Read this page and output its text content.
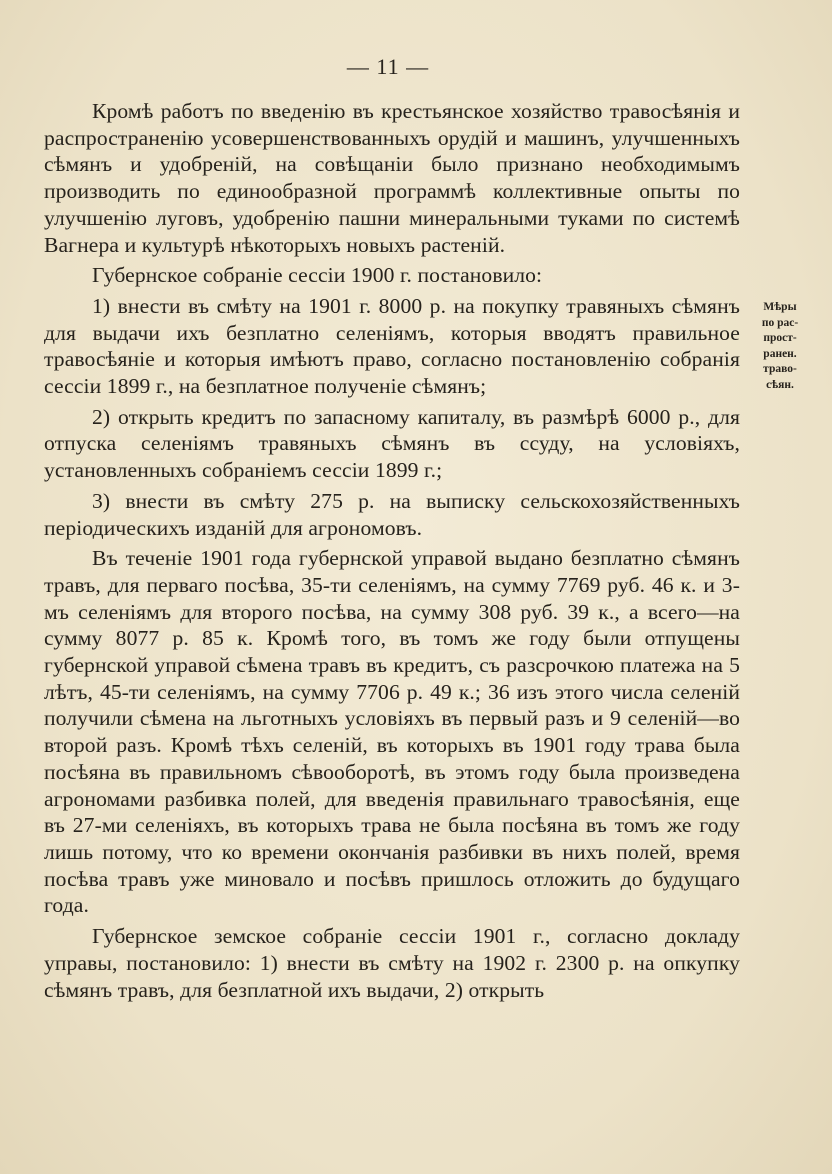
— 11 —
Мѣры
по рас-
прост-
ранен.
траво-
сѣян.

Кромѣ работъ по введенію въ крестьянское хозяйство травосѣянія и распространенію усовершенствованныхъ орудій и машинъ, улучшенныхъ сѣмянъ и удобреній, на совѣщаніи было признано необходимымъ производить по единообразной программѣ коллективные опыты по улучшенію луговъ, удобренію пашни минеральными туками по системѣ Вагнера и культурѣ нѣкоторыхъ новыхъ растеній.

Губернское собраніе сессіи 1900 г. постановило:

1) внести въ смѣту на 1901 г. 8000 р. на покупку травяныхъ сѣмянъ для выдачи ихъ безплатно селеніямъ, которыя вводятъ правильное травосѣяніе и которыя имѣютъ право, согласно постановленію собранія сессіи 1899 г., на безплатное полученіе сѣмянъ;

2) открыть кредитъ по запасному капиталу, въ размѣрѣ 6000 р., для отпуска селеніямъ травяныхъ сѣмянъ въ ссуду, на условіяхъ, установленныхъ собраніемъ сессіи 1899 г.;

3) внести въ смѣту 275 р. на выписку сельскохозяйственныхъ періодическихъ изданій для агрономовъ.

Въ теченіе 1901 года губернской управой выдано безплатно сѣмянъ травъ, для перваго посѣва, 35-ти селеніямъ, на сумму 7769 руб. 46 к. и 3-мъ селеніямъ для второго посѣва, на сумму 308 руб. 39 к., а всего—на сумму 8077 р. 85 к. Кромѣ того, въ томъ же году были отпущены губернской управой сѣмена травъ въ кредитъ, съ разсрочкою платежа на 5 лѣтъ, 45-ти селеніямъ, на сумму 7706 р. 49 к.; 36 изъ этого числа селеній получили сѣмена на льготныхъ условіяхъ въ первый разъ и 9 селеній—во второй разъ. Кромѣ тѣхъ селеній, въ которыхъ въ 1901 году трава была посѣяна въ правильномъ сѣвооборотѣ, въ этомъ году была произведена агрономами разбивка полей, для введенія правильнаго травосѣянія, еще въ 27-ми селеніяхъ, въ которыхъ трава не была посѣяна въ томъ же году лишь потому, что ко времени окончанія разбивки въ нихъ полей, время посѣва травъ уже миновало и посѣвъ пришлось отложить до будущаго года.

Губернское земское собраніе сессіи 1901 г., согласно докладу управы, постановило: 1) внести въ смѣту на 1902 г. 2300 р. на опкупку сѣмянъ травъ, для безплатной ихъ выдачи, 2) открыть
